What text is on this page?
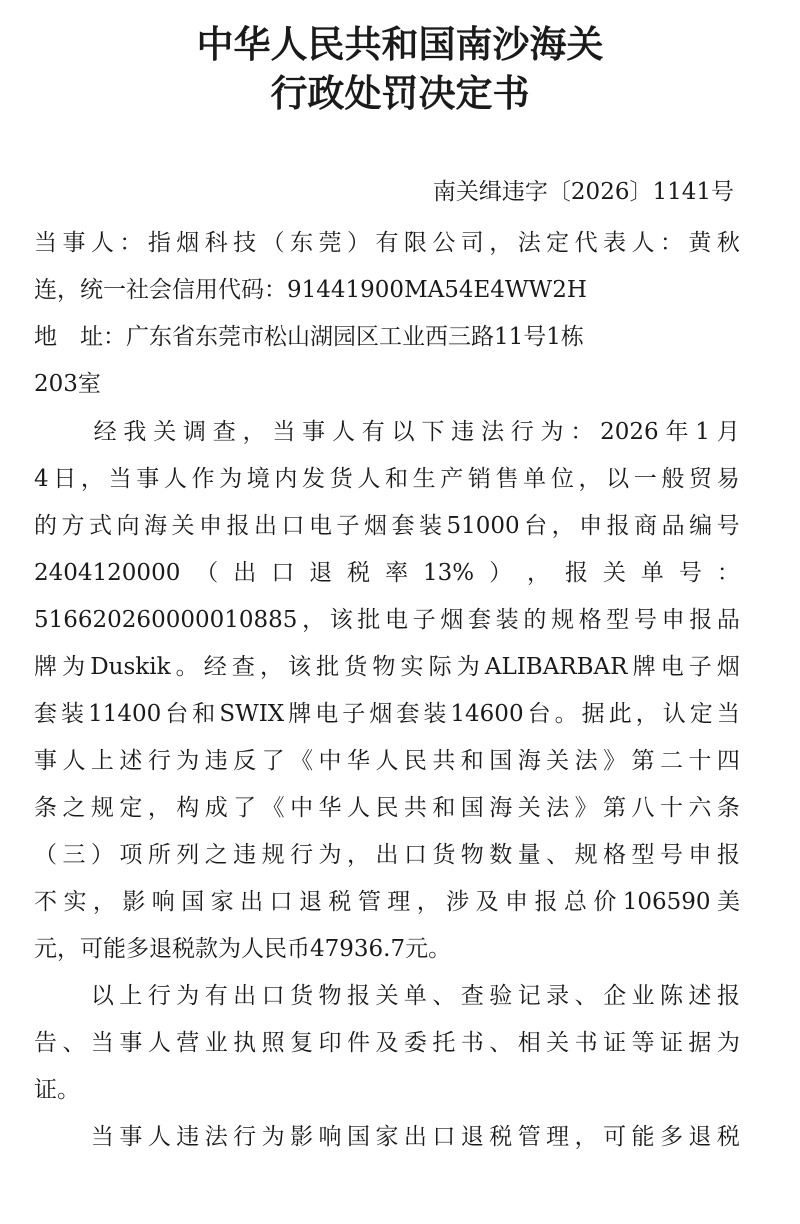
中华人民共和国南沙海关
行政处罚决定书
南关缉违字〔2026〕1141号
当 事 人 ： 指 烟 科 技 （ 东 莞 ） 有 限 公 司 ， 法 定 代 表 人 ： 黄 秋
连，统一社会信用代码：91441900MA54E4WW2H
地　址：广东省东莞市松山湖园区工业西三路11号1栋
203室

经 我 关 调 查 ， 当 事 人 有 以 下 违 法 行 为 ： 2026 年 1 月
4 日 ， 当 事 人 作 为 境 内 发 货 人 和 生 产 销 售 单 位 ， 以 一 般 贸 易
的 方 式 向 海 关 申 报 出 口 电 子 烟 套 装 51000 台 ， 申 报 商 品 编 号
2404120000 （ 出 口 退 税 率 13% ） ， 报 关 单 号 ：
516620260000010885 ， 该 批 电 子 烟 套 装 的 规 格 型 号 申 报 品
牌 为 Duskik 。 经 查 ， 该 批 货 物 实 际 为 ALIBARBAR 牌 电 子 烟
套 装 11400 台 和 SWIX 牌 电 子 烟 套 装 14600 台 。 据 此 ， 认 定 当
事 人 上 述 行 为 违 反 了 《 中 华 人 民 共 和 国 海 关 法 》 第 二 十 四
条 之 规 定 ， 构 成 了 《 中 华 人 民 共 和 国 海 关 法 》 第 八 十 六 条
（ 三 ） 项 所 列 之 违 规 行 为 ， 出 口 货 物 数 量 、 规 格 型 号 申 报
不 实 ， 影 响 国 家 出 口 退 税 管 理 ， 涉 及 申 报 总 价 106590 美
元，可能多退税款为人民币47936.7元。

以 上 行 为 有 出 口 货 物 报 关 单 、 查 验 记 录 、 企 业 陈 述 报
告 、 当 事 人 营 业 执 照 复 印 件 及 委 托 书 、 相 关 书 证 等 证 据 为
证。

当 事 人 违 法 行 为 影 响 国 家 出 口 退 税 管 理 ， 可 能 多 退 税
